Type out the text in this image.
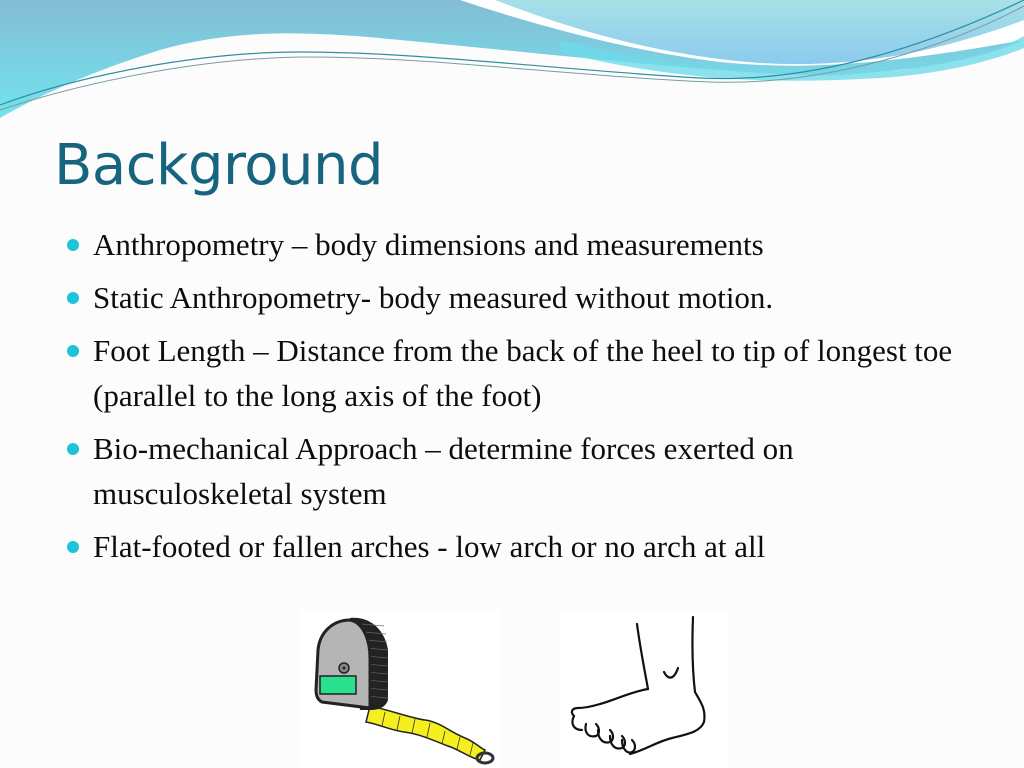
Background
Anthropometry – body dimensions and measurements
Static Anthropometry- body measured without motion.
Foot Length – Distance from the back of the heel to tip of longest toe (parallel to the long axis of the foot)
Bio-mechanical Approach – determine forces exerted on musculoskeletal system
Flat-footed or fallen arches - low arch or no arch at all
